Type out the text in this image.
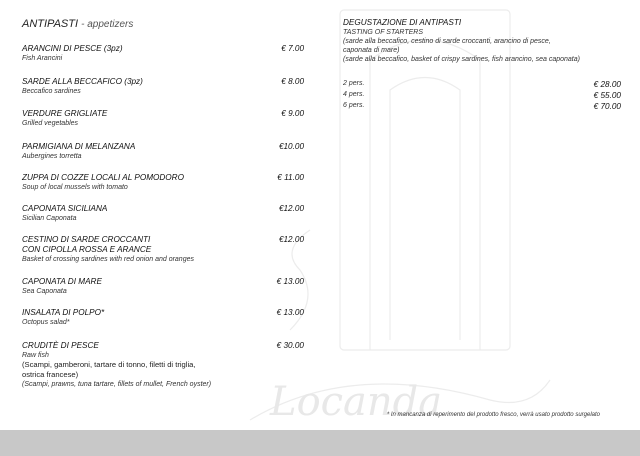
Locanda
ANTIPASTI - appetizers
ARANCINI DI PESCE (3pz)
Fish Arancini
€ 7.00
SARDE ALLA BECCAFICO (3pz)
Beccafico sardines
€ 8.00
VERDURE GRIGLIATE
Grilled vegetables
€ 9.00
PARMIGIANA DI MELANZANA
Aubergines torretta
€10.00
ZUPPA DI COZZE LOCALI AL POMODORO
Soup of local mussels with tomato
€ 11.00
CAPONATA SICILIANA
Sicilian Caponata
€12.00
CESTINO DI SARDE CROCCANTI
CON CIPOLLA ROSSA E ARANCE
Basket of crossing sardines with red onion and oranges
€12.00
CAPONATA DI MARE
Sea Caponata
€ 13.00
INSALATA DI POLPO*
Octopus salad*
€ 13.00
CRUDITÈ DI PESCE
Raw fish
(Scampi, gamberoni, tartare di tonno, filetti di triglia,
ostrica francese)
(Scampi, prawns, tuna tartare, fillets of mullet, French oyster)
€ 30.00
DEGUSTAZIONE DI ANTIPASTI
TASTING OF STARTERS
(sarde alla beccafico, cestino di sarde croccanti, arancino di pesce,
caponata di mare)
(sarde alla beccafico, basket of crispy sardines, fish arancino, sea caponata)
2 pers.	€ 28.00
4 pers.	€ 55.00
6 pers.	€ 70.00
* In mancanza di reperimento del prodotto fresco, verrà usato prodotto surgelato
